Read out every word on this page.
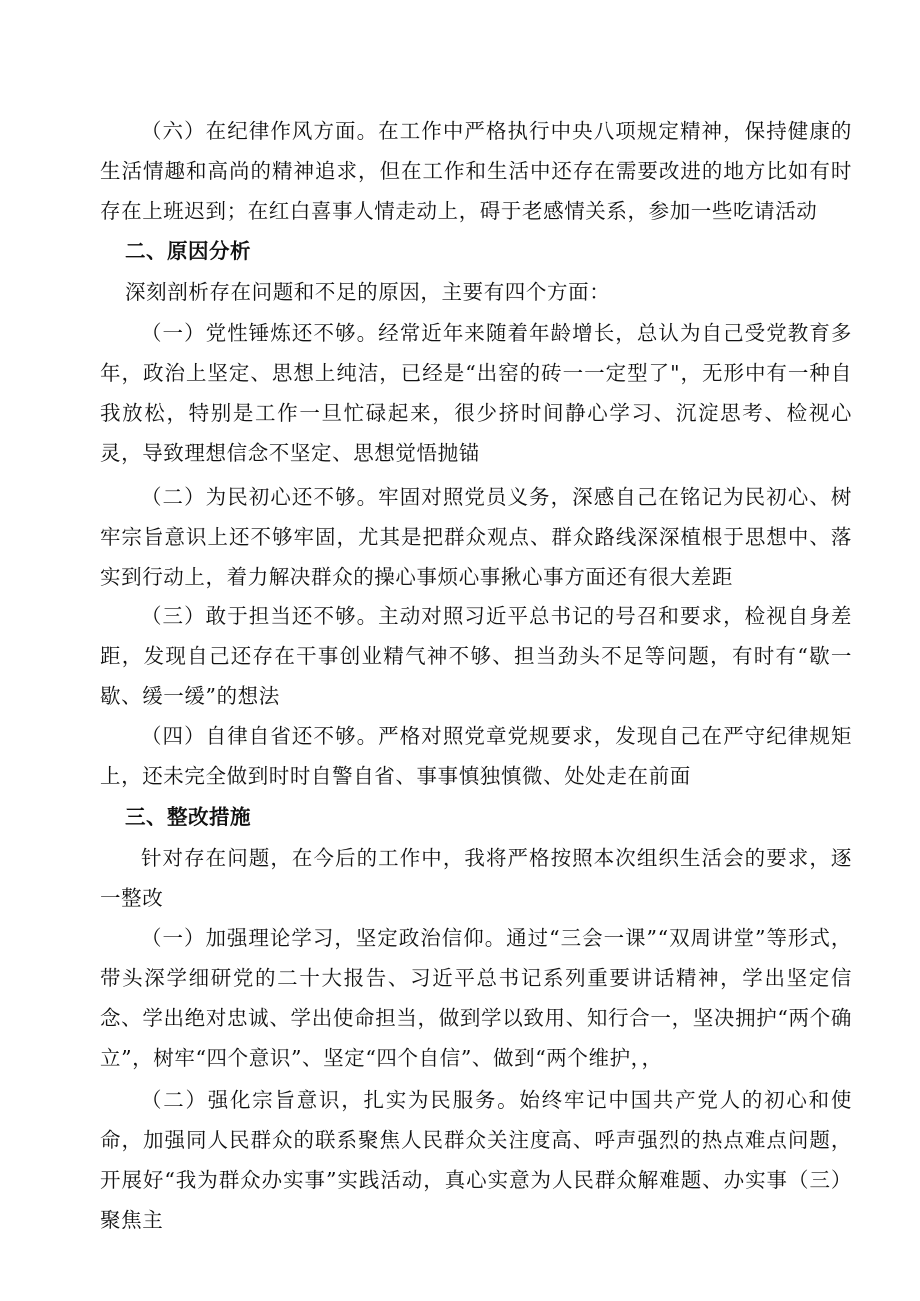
（六）在纪律作风方面。在工作中严格执行中央八项规定精神，保持健康的生活情趣和高尚的精神追求，但在工作和生活中还存在需要改进的地方比如有时存在上班迟到；在红白喜事人情走动上，碍于老感情关系，参加一些吃请活动

二、原因分析

深刻剖析存在问题和不足的原因，主要有四个方面：

（一）党性锤炼还不够。经常近年来随着年龄增长，总认为自己受党教育多年，政治上坚定、思想上纯洁，已经是“出窑的砖一一定型了"，无形中有一种自我放松，特别是工作一旦忙碌起来，很少挤时间静心学习、沉淀思考、检视心灵，导致理想信念不坚定、思想觉悟抛锚

（二）为民初心还不够。牢固对照党员义务，深感自己在铭记为民初心、树牢宗旨意识上还不够牢固，尤其是把群众观点、群众路线深深植根于思想中、落实到行动上，着力解决群众的操心事烦心事揪心事方面还有很大差距

（三）敢于担当还不够。主动对照习近平总书记的号召和要求，检视自身差距，发现自己还存在干事创业精气神不够、担当劲头不足等问题，有时有“歇一歇、缓一缓”的想法

（四）自律自省还不够。严格对照党章党规要求，发现自己在严守纪律规矩上，还未完全做到时时自警自省、事事慎独慎微、处处走在前面

三、整改措施

针对存在问题，在今后的工作中，我将严格按照本次组织生活会的要求，逐一整改

（一）加强理论学习，坚定政治信仰。通过“三会一课”“双周讲堂”等形式，带头深学细研党的二十大报告、习近平总书记系列重要讲话精神，学出坚定信念、学出绝对忠诚、学出使命担当，做到学以致用、知行合一，坚决拥护“两个确立”，树牢“四个意识”、坚定“四个自信”、做到“两个维护，，

（二）强化宗旨意识，扎实为民服务。始终牢记中国共产党人的初心和使命，加强同人民群众的联系聚焦人民群众关注度高、呼声强烈的热点难点问题，开展好“我为群众办实事”实践活动，真心实意为人民群众解难题、办实事（三）聚焦主
